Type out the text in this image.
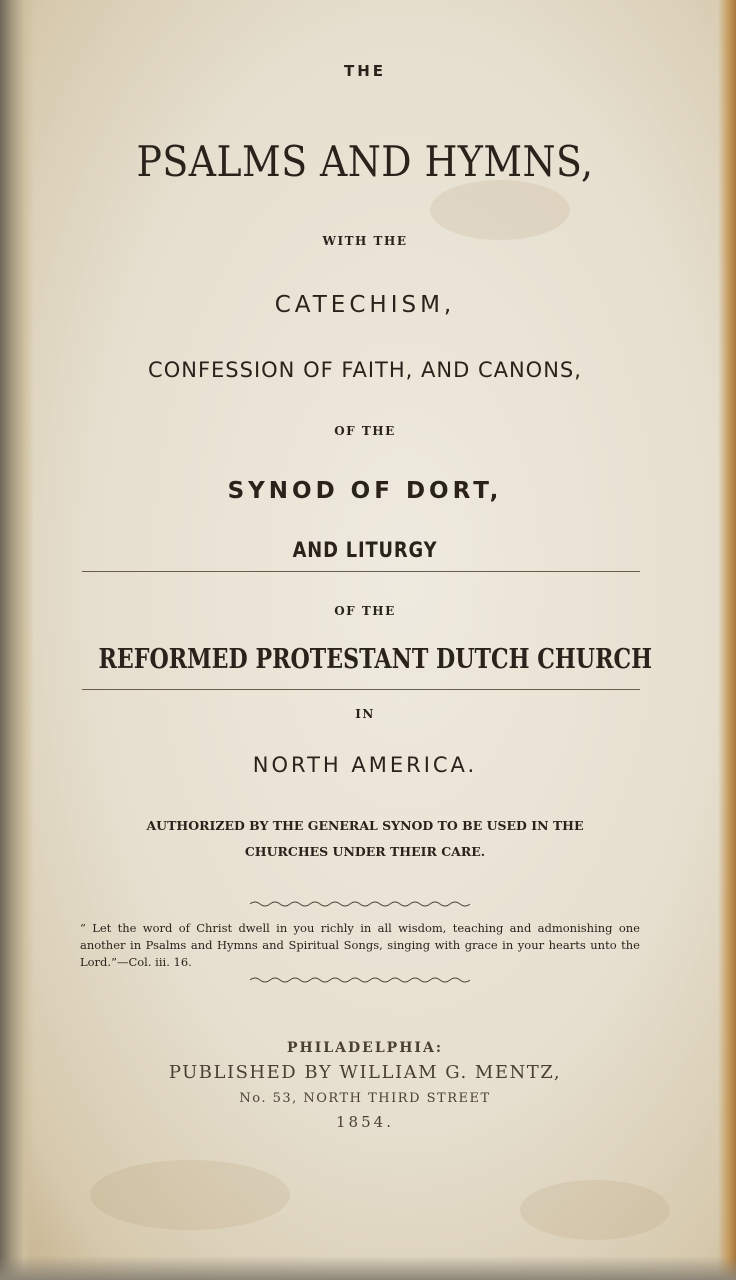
THE

PSALMS AND HYMNS,

WITH THE

CATECHISM,

CONFESSION OF FAITH, AND CANONS,

OF THE

SYNOD OF DORT,

AND LITURGY

OF THE

REFORMED PROTESTANT DUTCH CHURCH

IN

NORTH AMERICA.

AUTHORIZED BY THE GENERAL SYNOD TO BE USED IN THE

CHURCHES UNDER THEIR CARE.

“ Let the word of Christ dwell in you richly in all wisdom, teaching and admonishing one another in Psalms and Hymns and Spiritual Songs, singing with grace in your hearts unto the Lord.”—Col. iii. 16.

PHILADELPHIA:

PUBLISHED BY WILLIAM G. MENTZ,

No. 53, NORTH THIRD STREET

1854.
